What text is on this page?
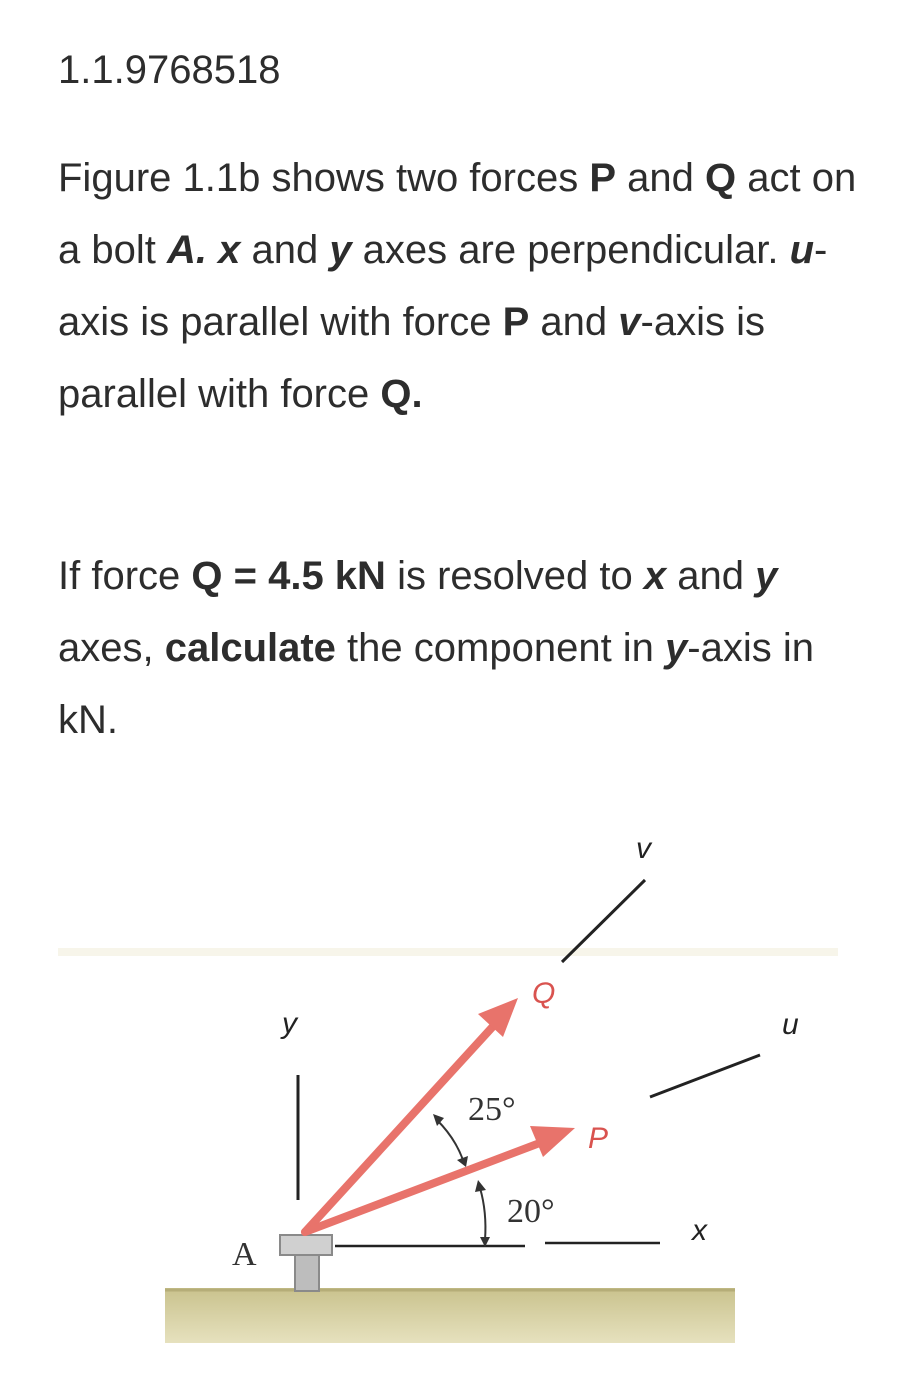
1.1.9768518

Figure 1.1b shows two forces P and Q act on a bolt A. x and y axes are perpendicular. u-axis is parallel with force P and v-axis is parallel with force Q.

If force Q = 4.5 kN is resolved to x and y axes, calculate the component in y-axis in kN.

v
u
y
x
Q
P
A
25°
20°
